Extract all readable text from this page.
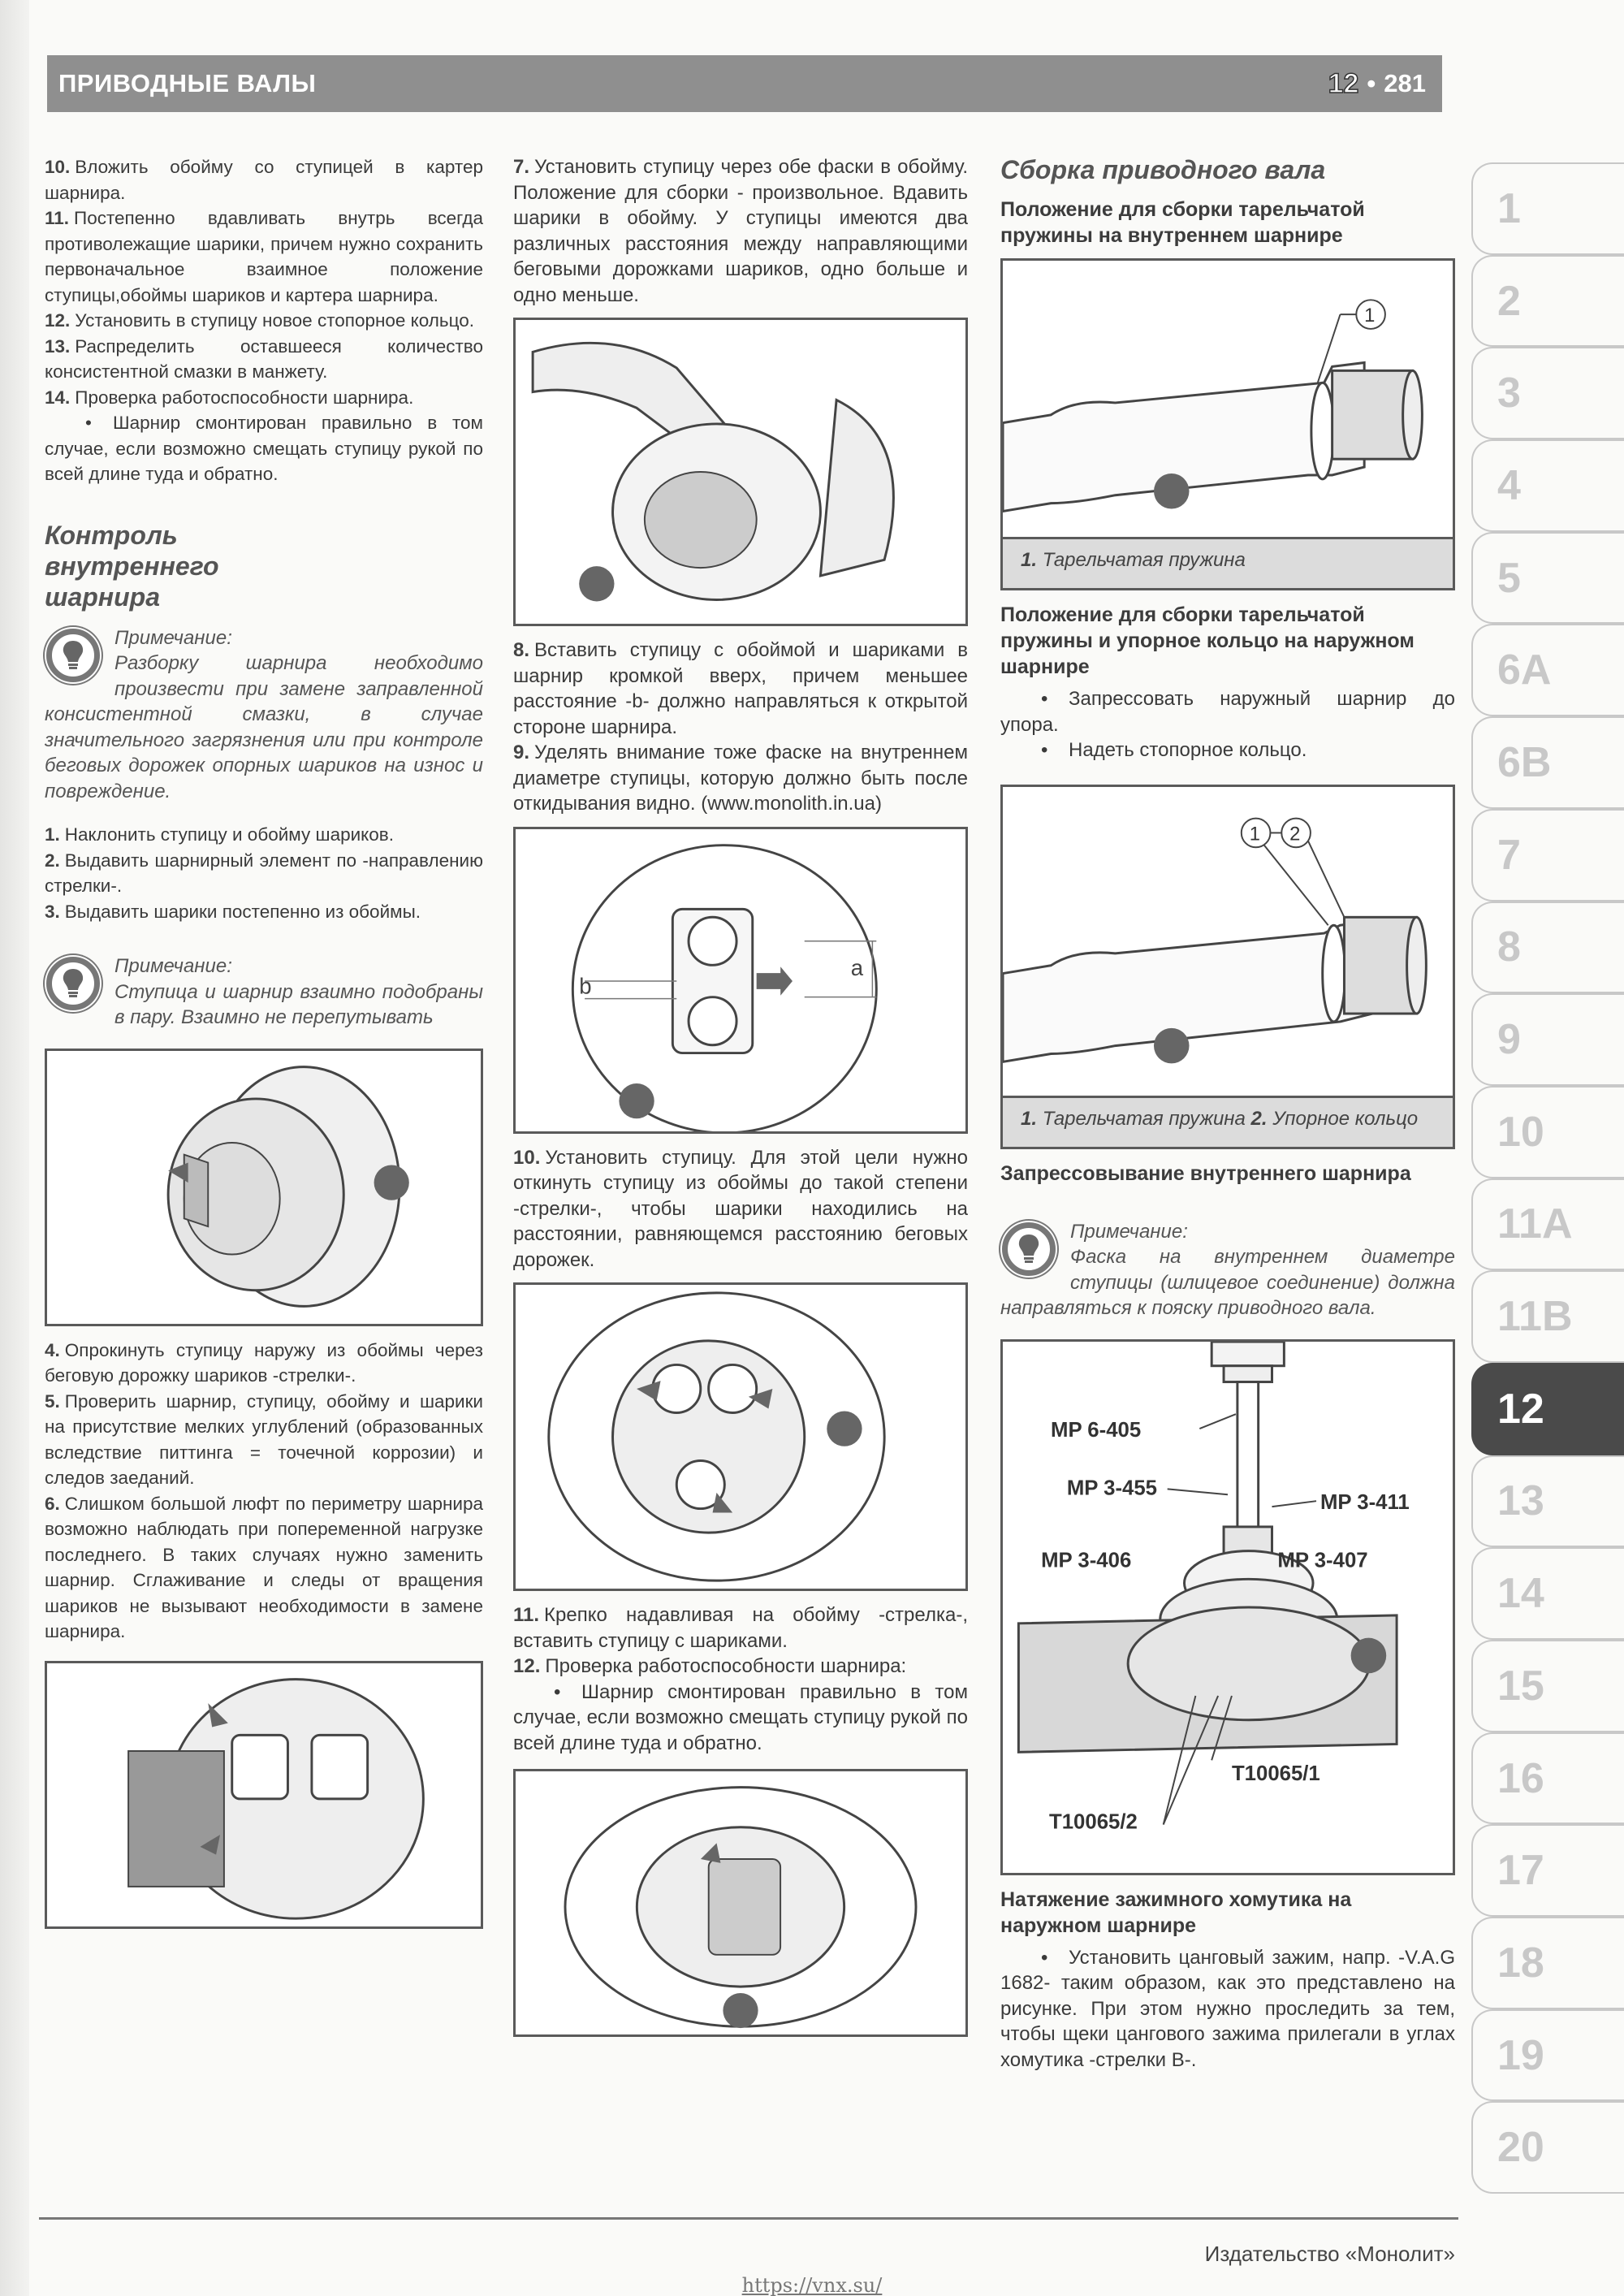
ПРИВОДНЫЕ ВАЛЫ	12 • 281

10. Вложить обойму со ступицей в картер шарнира.

11. Постепенно вдавливать внутрь всегда противолежащие шарики, причем нужно сохранить первоначальное взаимное положение ступицы,обоймы шариков и картера шарнира.

12. Установить в ступицу новое стопорное кольцо.

13. Распределить оставшееся количество консистентной смазки в манжету.

14. Проверка работоспособности шарнира.

• Шарнир смонтирован правильно в том случае, если возможно смещать ступицу рукой по всей длине туда и обратно.

Контроль внутреннего шарнира
Примечание:
Разборку шарнира необходимо произвести при замене заправленной консистентной смазки, в случае значительного загрязнения или при контроле беговых дорожек опорных шариков на износ и повреждение.

1. Наклонить ступицу и обойму шариков.

2. Выдавить шарнирный элемент по -направлению стрелки-.

3. Выдавить шарики постепенно из обоймы.

Примечание:
Ступица и шарнир взаимно подобраны в пару. Взаимно не перепутывать

4. Опрокинуть ступицу наружу из обоймы через беговую дорожку шариков -стрелки-.

5. Проверить шарнир, ступицу, обойму и шарики на присутствие мелких углублений (образованных вследствие питтинга = точечной коррозии) и следов заеданий.

6. Слишком большой люфт по периметру шарнира возможно наблюдать при попеременной нагрузке последнего. В таких случаях нужно заменить шарнир. Сглаживание и следы от вращения шариков не вызывают необходимости в замене шарнира.

7. Установить ступицу через обе фаски в обойму. Положение для сборки - произвольное. Вдавить шарики в обойму. У ступицы имеются два различных расстояния между направляющими беговыми дорожками шариков, одно больше и одно меньше.

8. Вставить ступицу с обоймой и шариками в шарнир кромкой вверх, причем меньшее расстояние -b- должно направляться к открытой стороне шарнира.

9. Уделять внимание тоже фаске на внутреннем диаметре ступицы, которую должно быть после откидывания видно. (www.monolith.in.ua)

b
a

10. Установить ступицу. Для этой цели нужно откинуть ступицу из обоймы до такой степени -стрелки-, чтобы шарики находились на расстоянии, равняющемся расстоянию беговых дорожек.

11. Крепко надавливая на обойму -стрелка-, вставить ступицу с шариками.

12. Проверка работоспособности шарнира:

• Шарнир смонтирован правильно в том случае, если возможно смещать ступицу рукой по всей длине туда и обратно.

Сборка приводного вала
Положение для сборки тарельчатой пружины на внутреннем шарнире
1
1. Тарельчатая пружина
Положение для сборки тарельчатой пружины и упорное кольцо на наружном шарнире

• Запрессовать наружный шарнир до упора.

• Надеть стопорное кольцо.

1 2
1. Тарельчатая пружина 2. Упорное кольцо
Запрессовывание внутреннего шарнира
Примечание:
Фаска на внутреннем диаметре ступицы (шлицевое соединение) должна направляться к пояску приводного вала.
MP 6-405
MP 3-455
MP 3-411
MP 3-406	MP 3-407
T10065/1
T10065/2
Натяжение зажимного хомутика на наружном шарнире

• Установить цанговый зажим, напр. -V.A.G 1682- таким образом, как это представлено на рисунке. При этом нужно проследить за тем, чтобы щеки цангового зажима прилегали в углах хомутика -стрелки В-.

1
2
3
4
5
6A
6B
7
8
9
10
11A
11B
12
13
14
15
16
17
18
19
20
Издательство «Монолит»
https://vnx.su/
